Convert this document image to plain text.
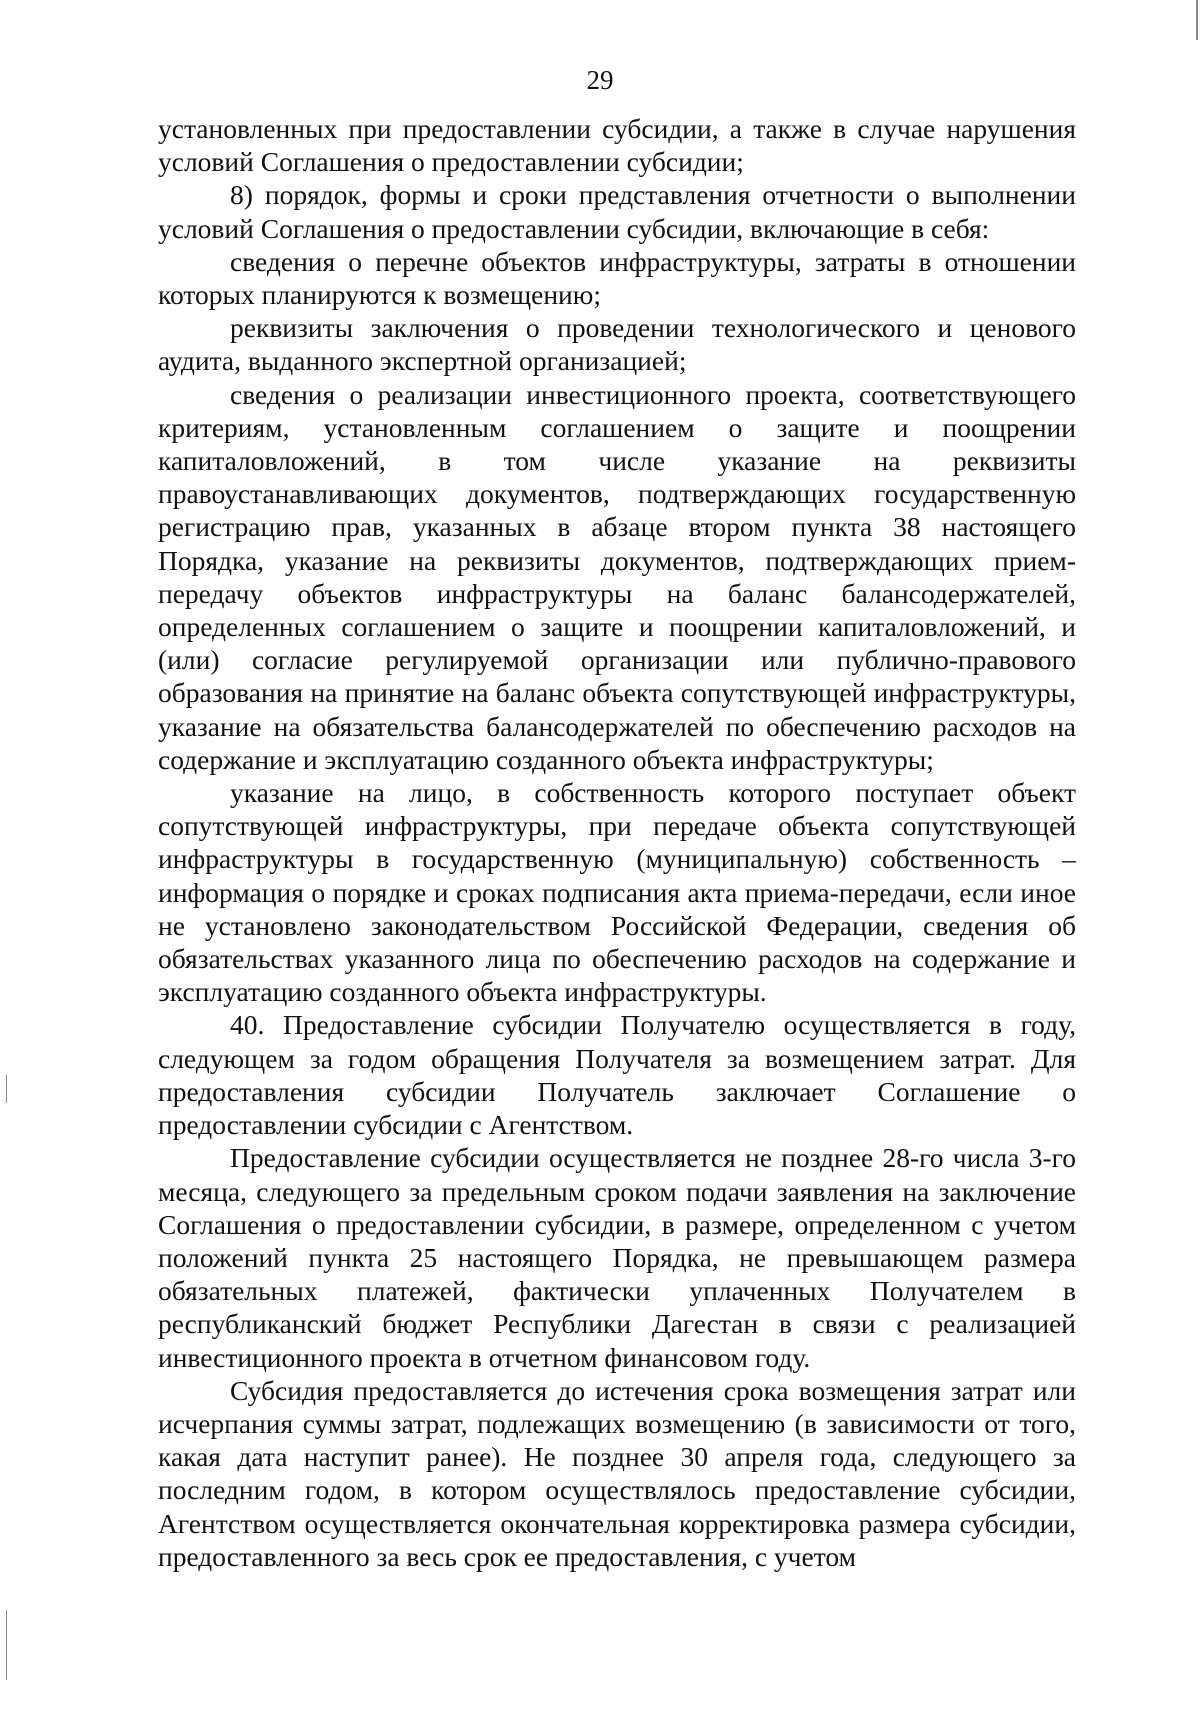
29

установленных при предоставлении субсидии, а также в случае нарушения условий Соглашения о предоставлении субсидии;

8) порядок, формы и сроки представления отчетности о выполнении условий Соглашения о предоставлении субсидии, включающие в себя:

сведения о перечне объектов инфраструктуры, затраты в отношении которых планируются к возмещению;

реквизиты заключения о проведении технологического и ценового аудита, выданного экспертной организацией;

сведения о реализации инвестиционного проекта, соответствующего критериям, установленным соглашением о защите и поощрении капиталовложений, в том числе указание на реквизиты правоустанавливающих документов, подтверждающих государственную регистрацию прав, указанных в абзаце втором пункта 38 настоящего Порядка, указание на реквизиты документов, подтверждающих прием-передачу объектов инфраструктуры на баланс балансодержателей, определенных соглашением о защите и поощрении капиталовложений, и (или) согласие регулируемой организации или публично-правового образования на принятие на баланс объекта сопутствующей инфраструктуры, указание на обязательства балансодержателей по обеспечению расходов на содержание и эксплуатацию созданного объекта инфраструктуры;

указание на лицо, в собственность которого поступает объект сопутствующей инфраструктуры, при передаче объекта сопутствующей инфраструктуры в государственную (муниципальную) собственность – информация о порядке и сроках подписания акта приема-передачи, если иное не установлено законодательством Российской Федерации, сведения об обязательствах указанного лица по обеспечению расходов на содержание и эксплуатацию созданного объекта инфраструктуры.

40. Предоставление субсидии Получателю осуществляется в году, следующем за годом обращения Получателя за возмещением затрат. Для предоставления субсидии Получатель заключает Соглашение о предоставлении субсидии с Агентством.

Предоставление субсидии осуществляется не позднее 28-го числа 3-го месяца, следующего за предельным сроком подачи заявления на заключение Соглашения о предоставлении субсидии, в размере, определенном с учетом положений пункта 25 настоящего Порядка, не превышающем размера обязательных платежей, фактически уплаченных Получателем в республиканский бюджет Республики Дагестан в связи с реализацией инвестиционного проекта в отчетном финансовом году.

Субсидия предоставляется до истечения срока возмещения затрат или исчерпания суммы затрат, подлежащих возмещению (в зависимости от того, какая дата наступит ранее). Не позднее 30 апреля года, следующего за последним годом, в котором осуществлялось предоставление субсидии, Агентством осуществляется окончательная корректировка размера субсидии, предоставленного за весь срок ее предоставления, с учетом
